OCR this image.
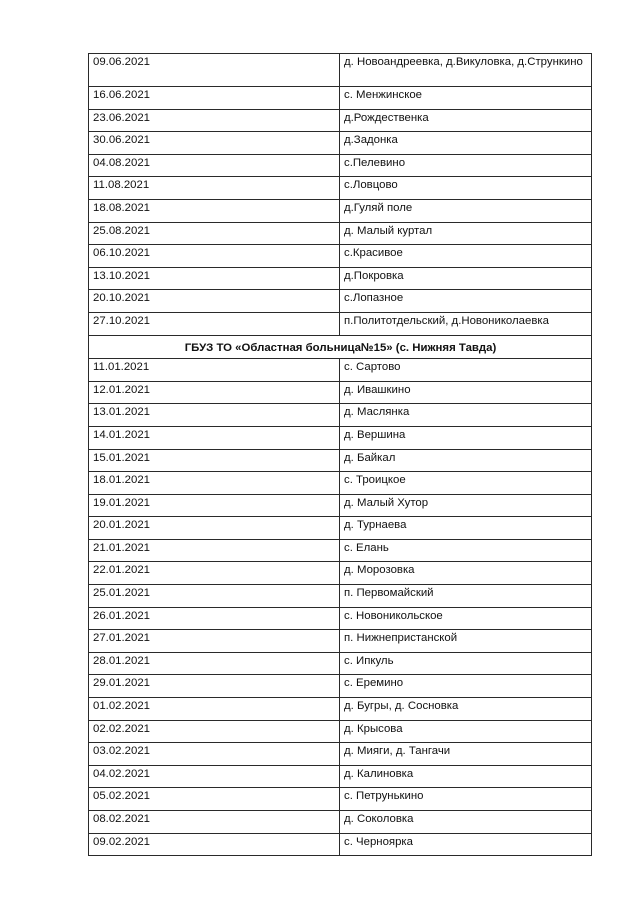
09.06.2021	д. Новоандреевка, д.Викуловка, д.Стрункино

16.06.2021	с. Менжинское

23.06.2021	д.Рождественка

30.06.2021	д.Задонка

04.08.2021	с.Пелевино

11.08.2021	с.Ловцово

18.08.2021	д.Гуляй поле

25.08.2021	д. Малый куртал

06.10.2021	с.Красивое

13.10.2021	д.Покровка

20.10.2021	с.Лопазное

27.10.2021	п.Политотдельский, д.Новониколаевка

ГБУЗ ТО «Областная больница№15» (с. Нижняя Тавда)	

11.01.2021	с. Сартово

12.01.2021	д. Ивашкино

13.01.2021	д. Маслянка

14.01.2021	д. Вершина

15.01.2021	д. Байкал

18.01.2021	с. Троицкое

19.01.2021	д. Малый Хутор

20.01.2021	д. Турнаева

21.01.2021	с. Елань

22.01.2021	д. Морозовка

25.01.2021	п. Первомайский

26.01.2021	с. Новоникольское

27.01.2021	п. Нижнепристанской

28.01.2021	с. Ипкуль

29.01.2021	с. Еремино

01.02.2021	д. Бугры, д. Сосновка

02.02.2021	д. Крысова

03.02.2021	д. Мияги, д. Тангачи

04.02.2021	д. Калиновка

05.02.2021	с. Петрунькино

08.02.2021	д. Соколовка

09.02.2021	с. Черноярка
